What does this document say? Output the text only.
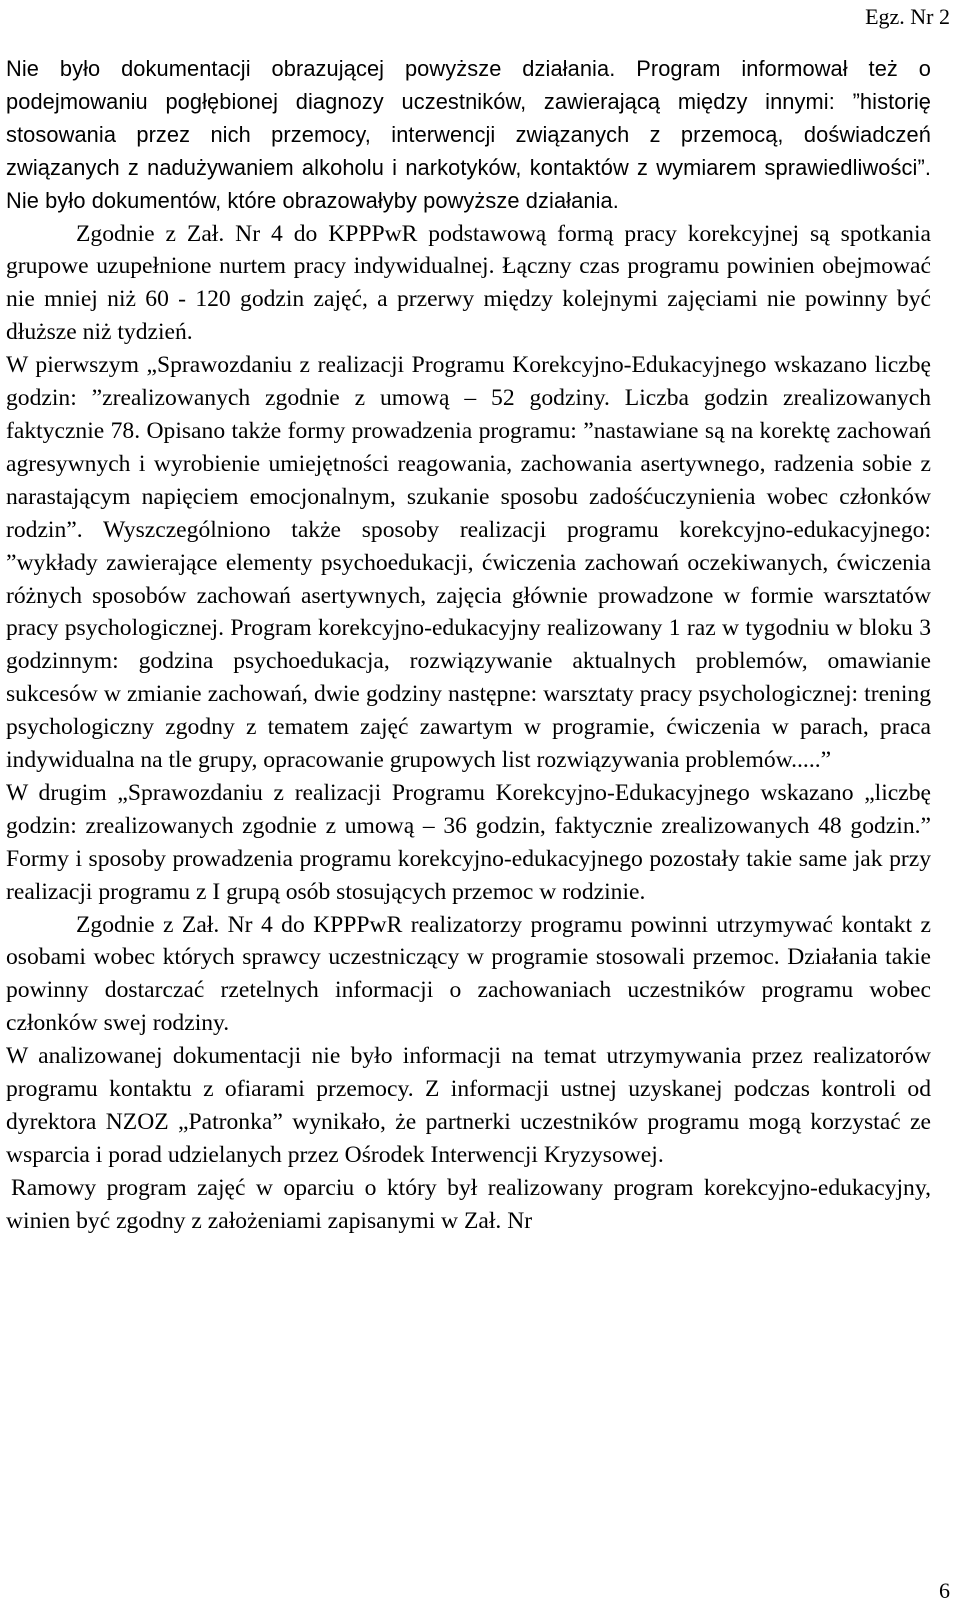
Egz. Nr 2

Nie było dokumentacji obrazującej powyższe działania. Program informował też o podejmowaniu pogłębionej diagnozy uczestników, zawierającą między innymi: ”historię stosowania przez nich przemocy, interwencji związanych z przemocą, doświadczeń związanych z nadużywaniem alkoholu i narkotyków, kontaktów z wymiarem sprawiedliwości”. Nie było dokumentów, które obrazowałyby powyższe działania.

Zgodnie z Zał. Nr 4 do KPPPwR podstawową formą pracy korekcyjnej są spotkania grupowe uzupełnione nurtem pracy indywidualnej. Łączny czas programu powinien obejmować nie mniej niż 60 - 120 godzin zajęć, a przerwy między kolejnymi zajęciami nie powinny być dłuższe niż tydzień.

W pierwszym „Sprawozdaniu z realizacji Programu Korekcyjno-Edukacyjnego wskazano liczbę godzin: ”zrealizowanych zgodnie z umową – 52 godziny. Liczba godzin zrealizowanych faktycznie 78. Opisano także formy prowadzenia programu: ”nastawiane są na korektę zachowań agresywnych i wyrobienie umiejętności reagowania, zachowania asertywnego, radzenia sobie z narastającym napięciem emocjonalnym, szukanie sposobu zadośćuczynienia wobec członków rodzin”. Wyszczególniono także sposoby realizacji programu korekcyjno-edukacyjnego: ”wykłady zawierające elementy psychoedukacji, ćwiczenia zachowań oczekiwanych, ćwiczenia różnych sposobów zachowań asertywnych, zajęcia głównie prowadzone w formie warsztatów pracy psychologicznej. Program korekcyjno-edukacyjny realizowany 1 raz w tygodniu w bloku 3 godzinnym: godzina psychoedukacja, rozwiązywanie aktualnych problemów, omawianie sukcesów w zmianie zachowań, dwie godziny następne: warsztaty pracy psychologicznej: trening psychologiczny zgodny z tematem zajęć zawartym w programie, ćwiczenia w parach, praca indywidualna na tle grupy, opracowanie grupowych list rozwiązywania problemów.....”

W drugim „Sprawozdaniu z realizacji Programu Korekcyjno-Edukacyjnego wskazano „liczbę godzin: zrealizowanych zgodnie z umową – 36 godzin, faktycznie zrealizowanych 48 godzin.” Formy i sposoby prowadzenia programu korekcyjno-edukacyjnego pozostały takie same jak przy realizacji programu z I grupą osób stosujących przemoc w rodzinie.

Zgodnie z Zał. Nr 4 do KPPPwR realizatorzy programu powinni utrzymywać kontakt z osobami wobec których sprawcy uczestniczący w programie stosowali przemoc. Działania takie powinny dostarczać rzetelnych informacji o zachowaniach uczestników programu wobec członków swej rodziny.

W analizowanej dokumentacji nie było informacji na temat utrzymywania przez realizatorów programu kontaktu z ofiarami przemocy. Z informacji ustnej uzyskanej podczas kontroli od dyrektora NZOZ „Patronka” wynikało, że partnerki uczestników programu mogą korzystać ze wsparcia i porad udzielanych przez Ośrodek Interwencji Kryzysowej.

Ramowy program zajęć w oparciu o który był realizowany program korekcyjno-edukacyjny, winien być zgodny z założeniami zapisanymi w Zał. Nr

6
